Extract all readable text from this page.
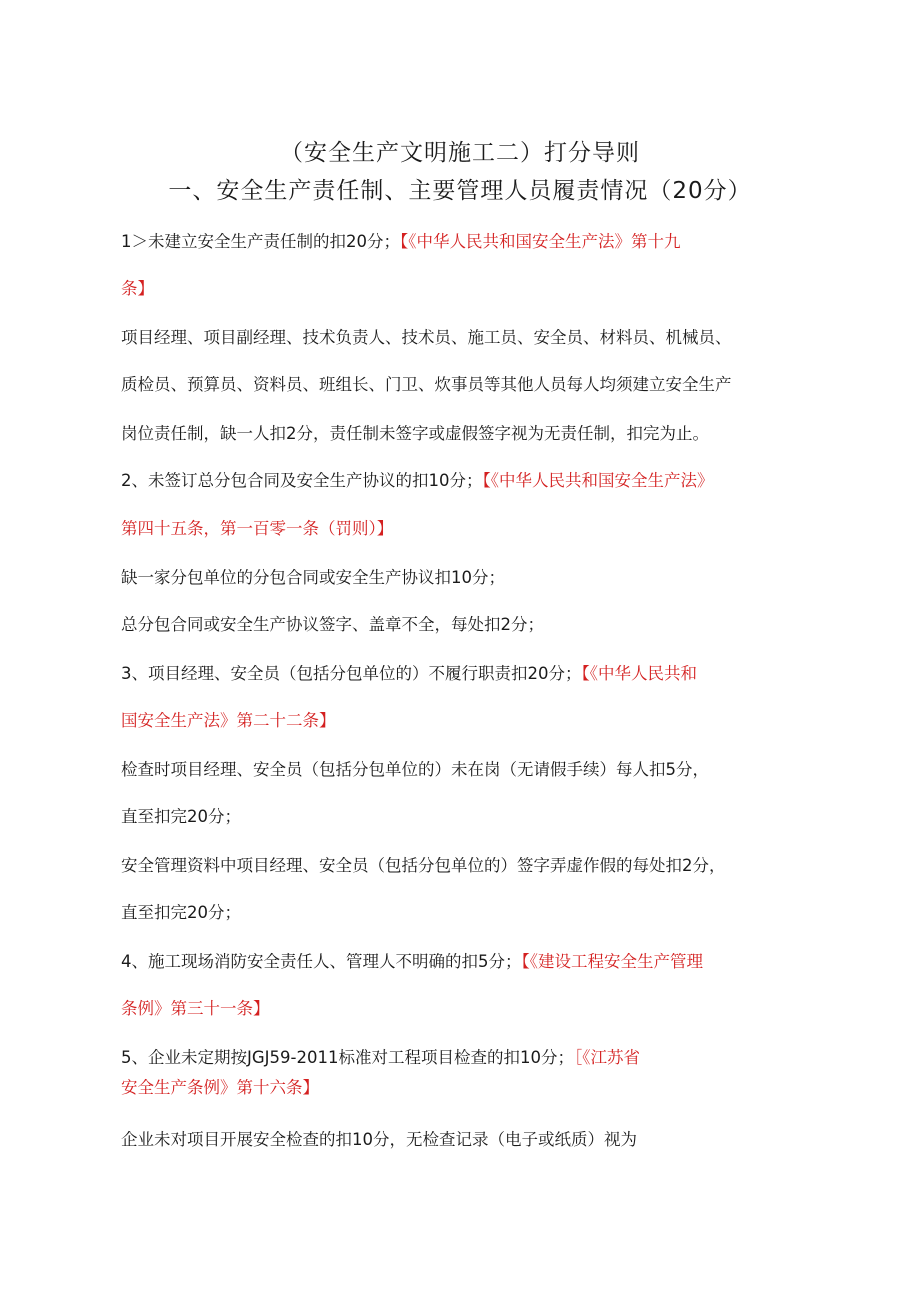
（安全生产文明施工二）打分导则
一、安全生产责任制、主要管理人员履责情况（20分）
1＞未建立安全生产责任制的扣20分；【《中华人民共和国安全生产法》第十九
条】
项目经理、项目副经理、技术负责人、技术员、施工员、安全员、材料员、机械员、
质检员、预算员、资料员、班组长、门卫、炊事员等其他人员每人均须建立安全生产
岗位责任制，缺一人扣2分，责任制未签字或虚假签字视为无责任制，扣完为止。
2、未签订总分包合同及安全生产协议的扣10分；【《中华人民共和国安全生产法》
第四十五条，第一百零一条（罚则）】
缺一家分包单位的分包合同或安全生产协议扣10分；
总分包合同或安全生产协议签字、盖章不全，每处扣2分；
3、项目经理、安全员（包括分包单位的）不履行职责扣20分；【《中华人民共和
国安全生产法》第二十二条】
检查时项目经理、安全员（包括分包单位的）未在岗（无请假手续）每人扣5分，
直至扣完20分；
安全管理资料中项目经理、安全员（包括分包单位的）签字弄虚作假的每处扣2分，
直至扣完20分；
4、施工现场消防安全责任人、管理人不明确的扣5分；【《建设工程安全生产管理
条例》第三十一条】
5、企业未定期按JGJ59-2011标准对工程项目检查的扣10分；［《江苏省
安全生产条例》第十六条】
企业未对项目开展安全检查的扣10分，无检查记录（电子或纸质）视为
